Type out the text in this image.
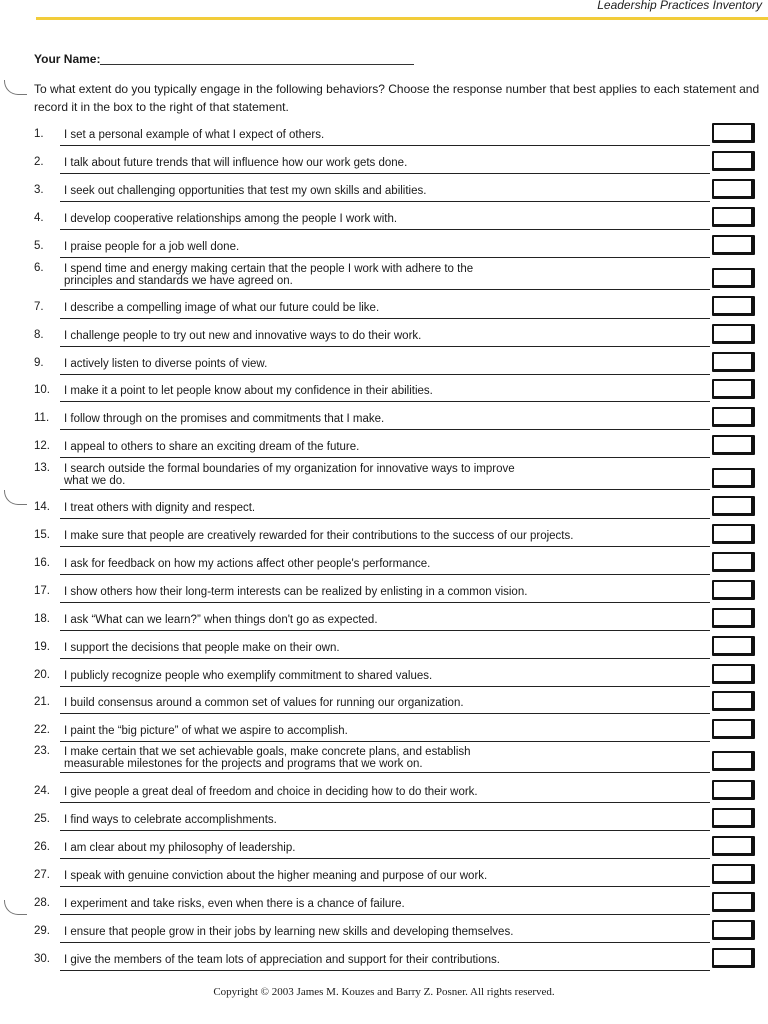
Leadership Practices Inventory
Your Name:
To what extent do you typically engage in the following behaviors? Choose the response number that best applies to each statement and record it in the box to the right of that statement.
1. I set a personal example of what I expect of others.
2. I talk about future trends that will influence how our work gets done.
3. I seek out challenging opportunities that test my own skills and abilities.
4. I develop cooperative relationships among the people I work with.
5. I praise people for a job well done.
6. I spend time and energy making certain that the people I work with adhere to the
principles and standards we have agreed on.
7. I describe a compelling image of what our future could be like.
8. I challenge people to try out new and innovative ways to do their work.
9. I actively listen to diverse points of view.
10. I make it a point to let people know about my confidence in their abilities.
11. I follow through on the promises and commitments that I make.
12. I appeal to others to share an exciting dream of the future.
13. I search outside the formal boundaries of my organization for innovative ways to improve
what we do.
14. I treat others with dignity and respect.
15. I make sure that people are creatively rewarded for their contributions to the success of our projects.
16. I ask for feedback on how my actions affect other people's performance.
17. I show others how their long-term interests can be realized by enlisting in a common vision.
18. I ask “What can we learn?” when things don't go as expected.
19. I support the decisions that people make on their own.
20. I publicly recognize people who exemplify commitment to shared values.
21. I build consensus around a common set of values for running our organization.
22. I paint the “big picture” of what we aspire to accomplish.
23. I make certain that we set achievable goals, make concrete plans, and establish
measurable milestones for the projects and programs that we work on.
24. I give people a great deal of freedom and choice in deciding how to do their work.
25. I find ways to celebrate accomplishments.
26. I am clear about my philosophy of leadership.
27. I speak with genuine conviction about the higher meaning and purpose of our work.
28. I experiment and take risks, even when there is a chance of failure.
29. I ensure that people grow in their jobs by learning new skills and developing themselves.
30. I give the members of the team lots of appreciation and support for their contributions.
Copyright © 2003 James M. Kouzes and Barry Z. Posner. All rights reserved.
